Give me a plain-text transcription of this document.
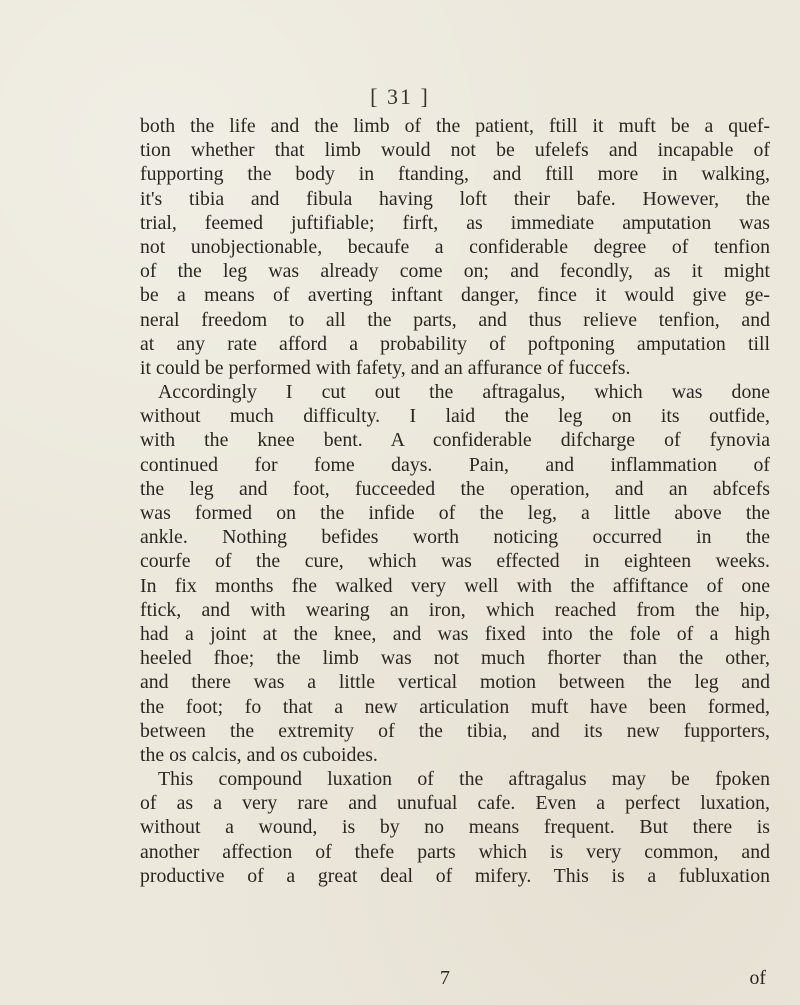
[ 31 ]
both the life and the limb of the patient, ftill it muft be a quef-
tion whether that limb would not be ufelefs and incapable of
fupporting the body in ftanding, and ftill more in walking,
it's tibia and fibula having loft their bafe. However, the
trial, feemed juftifiable; firft, as immediate amputation was
not unobjectionable, becaufe a confiderable degree of tenfion
of the leg was already come on; and fecondly, as it might
be a means of averting inftant danger, fince it would give ge-
neral freedom to all the parts, and thus relieve tenfion, and
at any rate afford a probability of poftponing amputation till
it could be performed with fafety, and an affurance of fuccefs.
Accordingly I cut out the aftragalus, which was done
without much difficulty. I laid the leg on its outfide,
with the knee bent. A confiderable difcharge of fynovia
continued for fome days. Pain, and inflammation of
the leg and foot, fucceeded the operation, and an abfcefs
was formed on the infide of the leg, a little above the
ankle. Nothing befides worth noticing occurred in the
courfe of the cure, which was effected in eighteen weeks.
In fix months fhe walked very well with the affiftance of one
ftick, and with wearing an iron, which reached from the hip,
had a joint at the knee, and was fixed into the fole of a high
heeled fhoe; the limb was not much fhorter than the other,
and there was a little vertical motion between the leg and
the foot; fo that a new articulation muft have been formed,
between the extremity of the tibia, and its new fupporters,
the os calcis, and os cuboides.
This compound luxation of the aftragalus may be fpoken
of as a very rare and unufual cafe. Even a perfect luxation,
without a wound, is by no means frequent. But there is
another affection of thefe parts which is very common, and
productive of a great deal of mifery. This is a fubluxation
7	of
